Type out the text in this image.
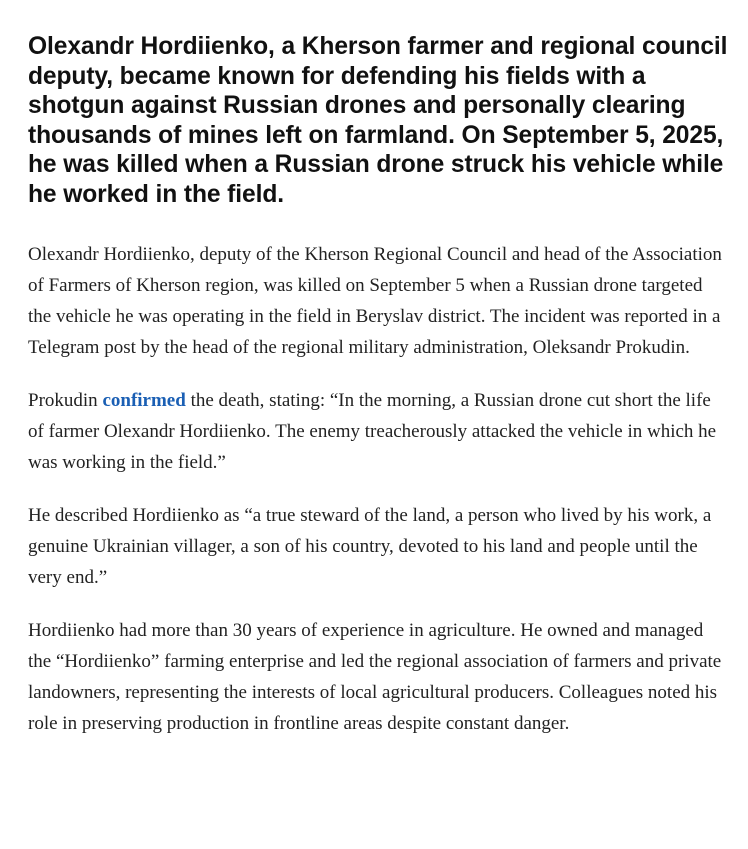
Olexandr Hordiienko, a Kherson farmer and regional council deputy, became known for defending his fields with a shotgun against Russian drones and personally clearing thousands of mines left on farmland. On September 5, 2025, he was killed when a Russian drone struck his vehicle while he worked in the field.

Olexandr Hordiienko, deputy of the Kherson Regional Council and head of the Association of Farmers of Kherson region, was killed on September 5 when a Russian drone targeted the vehicle he was operating in the field in Beryslav district. The incident was reported in a Telegram post by the head of the regional military administration, Oleksandr Prokudin.

Prokudin confirmed the death, stating: “In the morning, a Russian drone cut short the life of farmer Olexandr Hordiienko. The enemy treacherously attacked the vehicle in which he was working in the field.”

He described Hordiienko as “a true steward of the land, a person who lived by his work, a genuine Ukrainian villager, a son of his country, devoted to his land and people until the very end.”

Hordiienko had more than 30 years of experience in agriculture. He owned and managed the “Hordiienko” farming enterprise and led the regional association of farmers and private landowners, representing the interests of local agricultural producers. Colleagues noted his role in preserving production in frontline areas despite constant danger.
